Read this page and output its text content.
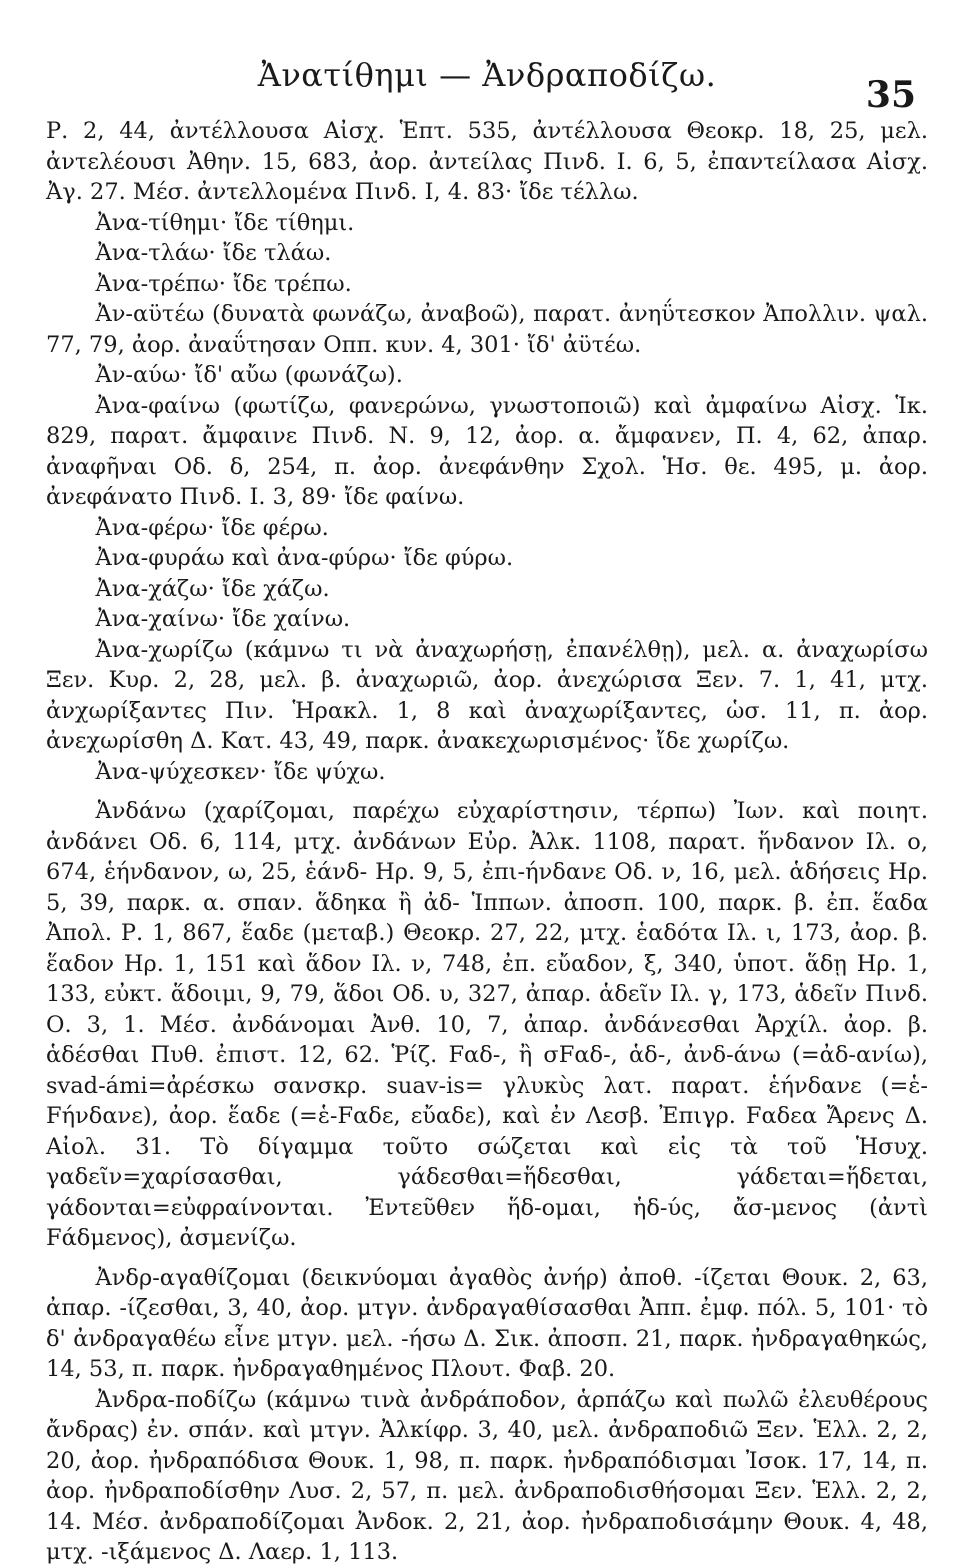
Ἀνατίθημι — Ἀνδραποδίζω.	35

Ρ. 2, 44, ἀντέλλουσα Αἰσχ. Ἑπτ. 535, ἀντέλλουσα Θεοκρ. 18, 25, μελ. ἀντελέουσι Ἀθην. 15, 683, ἀορ. ἀντείλας Πινδ. Ι. 6, 5, ἐπαντείλασα Αἰσχ. Ἀγ. 27. Μέσ. ἀντελλομένα Πινδ. Ι, 4. 83· ἴδε τέλλω.

Ἀνα-τίθημι· ἴδε τίθημι.

Ἀνα-τλάω· ἴδε τλάω.

Ἀνα-τρέπω· ἴδε τρέπω.

Ἀν-αϋτέω (δυνατὰ φωνάζω, ἀναβοῶ), παρατ. ἀνηΰτεσκον Ἀπολλιν. ψαλ. 77, 79, ἀορ. ἀναΰτησαν Οππ. κυν. 4, 301· ἴδ' ἀϋτέω.

Ἀν-αύω· ἴδ' αὔω (φωνάζω).

Ἀνα-φαίνω (φωτίζω, φανερώνω, γνωστοποιῶ) καὶ ἀμφαίνω Αἰσχ. Ἱκ. 829, παρατ. ἄμφαινε Πινδ. Ν. 9, 12, ἀορ. α. ἄμφανεν, Π. 4, 62, ἀπαρ. ἀναφῆναι Οδ. δ, 254, π. ἀορ. ἀνεφάνθην Σχολ. Ἡσ. θε. 495, μ. ἀορ. ἀνεφάνατο Πινδ. Ι. 3, 89· ἴδε φαίνω.

Ἀνα-φέρω· ἴδε φέρω.

Ἀνα-φυράω καὶ ἀνα-φύρω· ἴδε φύρω.

Ἀνα-χάζω· ἴδε χάζω.

Ἀνα-χαίνω· ἴδε χαίνω.

Ἀνα-χωρίζω (κάμνω τι νὰ ἀναχωρήσῃ, ἐπανέλθῃ), μελ. α. ἀναχωρίσω Ξεν. Κυρ. 2, 28, μελ. β. ἀναχωριῶ, ἀορ. ἀνεχώρισα Ξεν. 7. 1, 41, μτχ. ἀνχωρίξαντες Πιν. Ἡρακλ. 1, 8 καὶ ἀναχωρίξαντες, ὡσ. 11, π. ἀορ. ἀνεχωρίσθη Δ. Κατ. 43, 49, παρκ. ἀνακεχωρισμένος· ἴδε χωρίζω.

Ἀνα-ψύχεσκεν· ἴδε ψύχω.

Ἁνδάνω (χαρίζομαι, παρέχω εὐχαρίστησιν, τέρπω) Ἰων. καὶ ποιητ. ἀνδάνει Οδ. 6, 114, μτχ. ἀνδάνων Εὐρ. Ἀλκ. 1108, παρατ. ἥνδανον Ιλ. ο, 674, ἑήνδανον, ω, 25, ἑάνδ- Ηρ. 9, 5, ἐπι-ήνδανε Οδ. ν, 16, μελ. ἁδήσεις Ηρ. 5, 39, παρκ. α. σπαν. ἅδηκα ἢ ἀδ- Ἱππων. ἀποσπ. 100, παρκ. β. ἐπ. ἕαδα Ἀπολ. Ρ. 1, 867, ἕαδε (μεταβ.) Θεοκρ. 27, 22, μτχ. ἑαδότα Ιλ. ι, 173, ἀορ. β. ἕαδον Ηρ. 1, 151 καὶ ἅδον Ιλ. ν, 748, ἐπ. εὔαδον, ξ, 340, ὑποτ. ἅδῃ Ηρ. 1, 133, εὐκτ. ἅδοιμι, 9, 79, ἅδοι Οδ. υ, 327, ἀπαρ. ἁδεῖν Ιλ. γ, 173, ἁδεῖν Πινδ. Ο. 3, 1. Μέσ. ἀνδάνομαι Ἀνθ. 10, 7, ἀπαρ. ἀνδάνεσθαι Ἀρχίλ. ἀορ. β. ἁδέσθαι Πυθ. ἐπιστ. 12, 62. Ῥίζ. Fαδ-, ἢ σFαδ-, ἁδ-, ἀνδ-άνω (=ἀδ-ανίω), svad-ámi=ἀρέσκω σανσκρ. suav-is= γλυκὺς λατ. παρατ. ἑήνδανε (=ἑ-Fήνδανε), ἀορ. ἕαδε (=ἑ-Fαδε, εὔαδε), καὶ ἐν Λεσβ. Ἐπιγρ. Fαδεα Ἄρενς Δ. Αἰολ. 31. Τὸ δίγαμμα τοῦτο σώζεται καὶ εἰς τὰ τοῦ Ἡσυχ. γαδεῖν=χαρίσασθαι, γάδεσθαι=ἥδεσθαι, γάδεται=ἥδεται, γάδονται=εὐφραίνονται. Ἐντεῦθεν ἥδ-ομαι, ἡδ-ύς, ἄσ-μενος (ἀντὶ Fάδμενος), ἀσμενίζω.

Ἀνδρ-αγαθίζομαι (δεικνύομαι ἀγαθὸς ἀνήρ) ἀποθ. -ίζεται Θουκ. 2, 63, ἀπαρ. -ίζεσθαι, 3, 40, ἀορ. μτγν. ἀνδραγαθίσασθαι Ἀππ. ἐμφ. πόλ. 5, 101· τὸ δ' ἀνδραγαθέω εἶνε μτγν. μελ. -ήσω Δ. Σικ. ἀποσπ. 21, παρκ. ἠνδραγαθηκώς, 14, 53, π. παρκ. ἠνδραγαθημένος Πλουτ. Φαβ. 20.

Ἀνδρα-ποδίζω (κάμνω τινὰ ἀνδράποδον, ἁρπάζω καὶ πωλῶ ἐλευθέρους ἄνδρας) ἐν. σπάν. καὶ μτγν. Ἀλκίφρ. 3, 40, μελ. ἀνδραποδιῶ Ξεν. Ἑλλ. 2, 2, 20, ἀορ. ἠνδραπόδισα Θουκ. 1, 98, π. παρκ. ἠνδραπόδισμαι Ἰσοκ. 17, 14, π. ἀορ. ἠνδραποδίσθην Λυσ. 2, 57, π. μελ. ἀνδραποδισθήσομαι Ξεν. Ἑλλ. 2, 2, 14. Μέσ. ἀνδραποδίζομαι Ἀνδοκ. 2, 21, ἀορ. ἠνδραποδισάμην Θουκ. 4, 48, μτχ. -ιξάμενος Δ. Λαερ. 1, 113.
